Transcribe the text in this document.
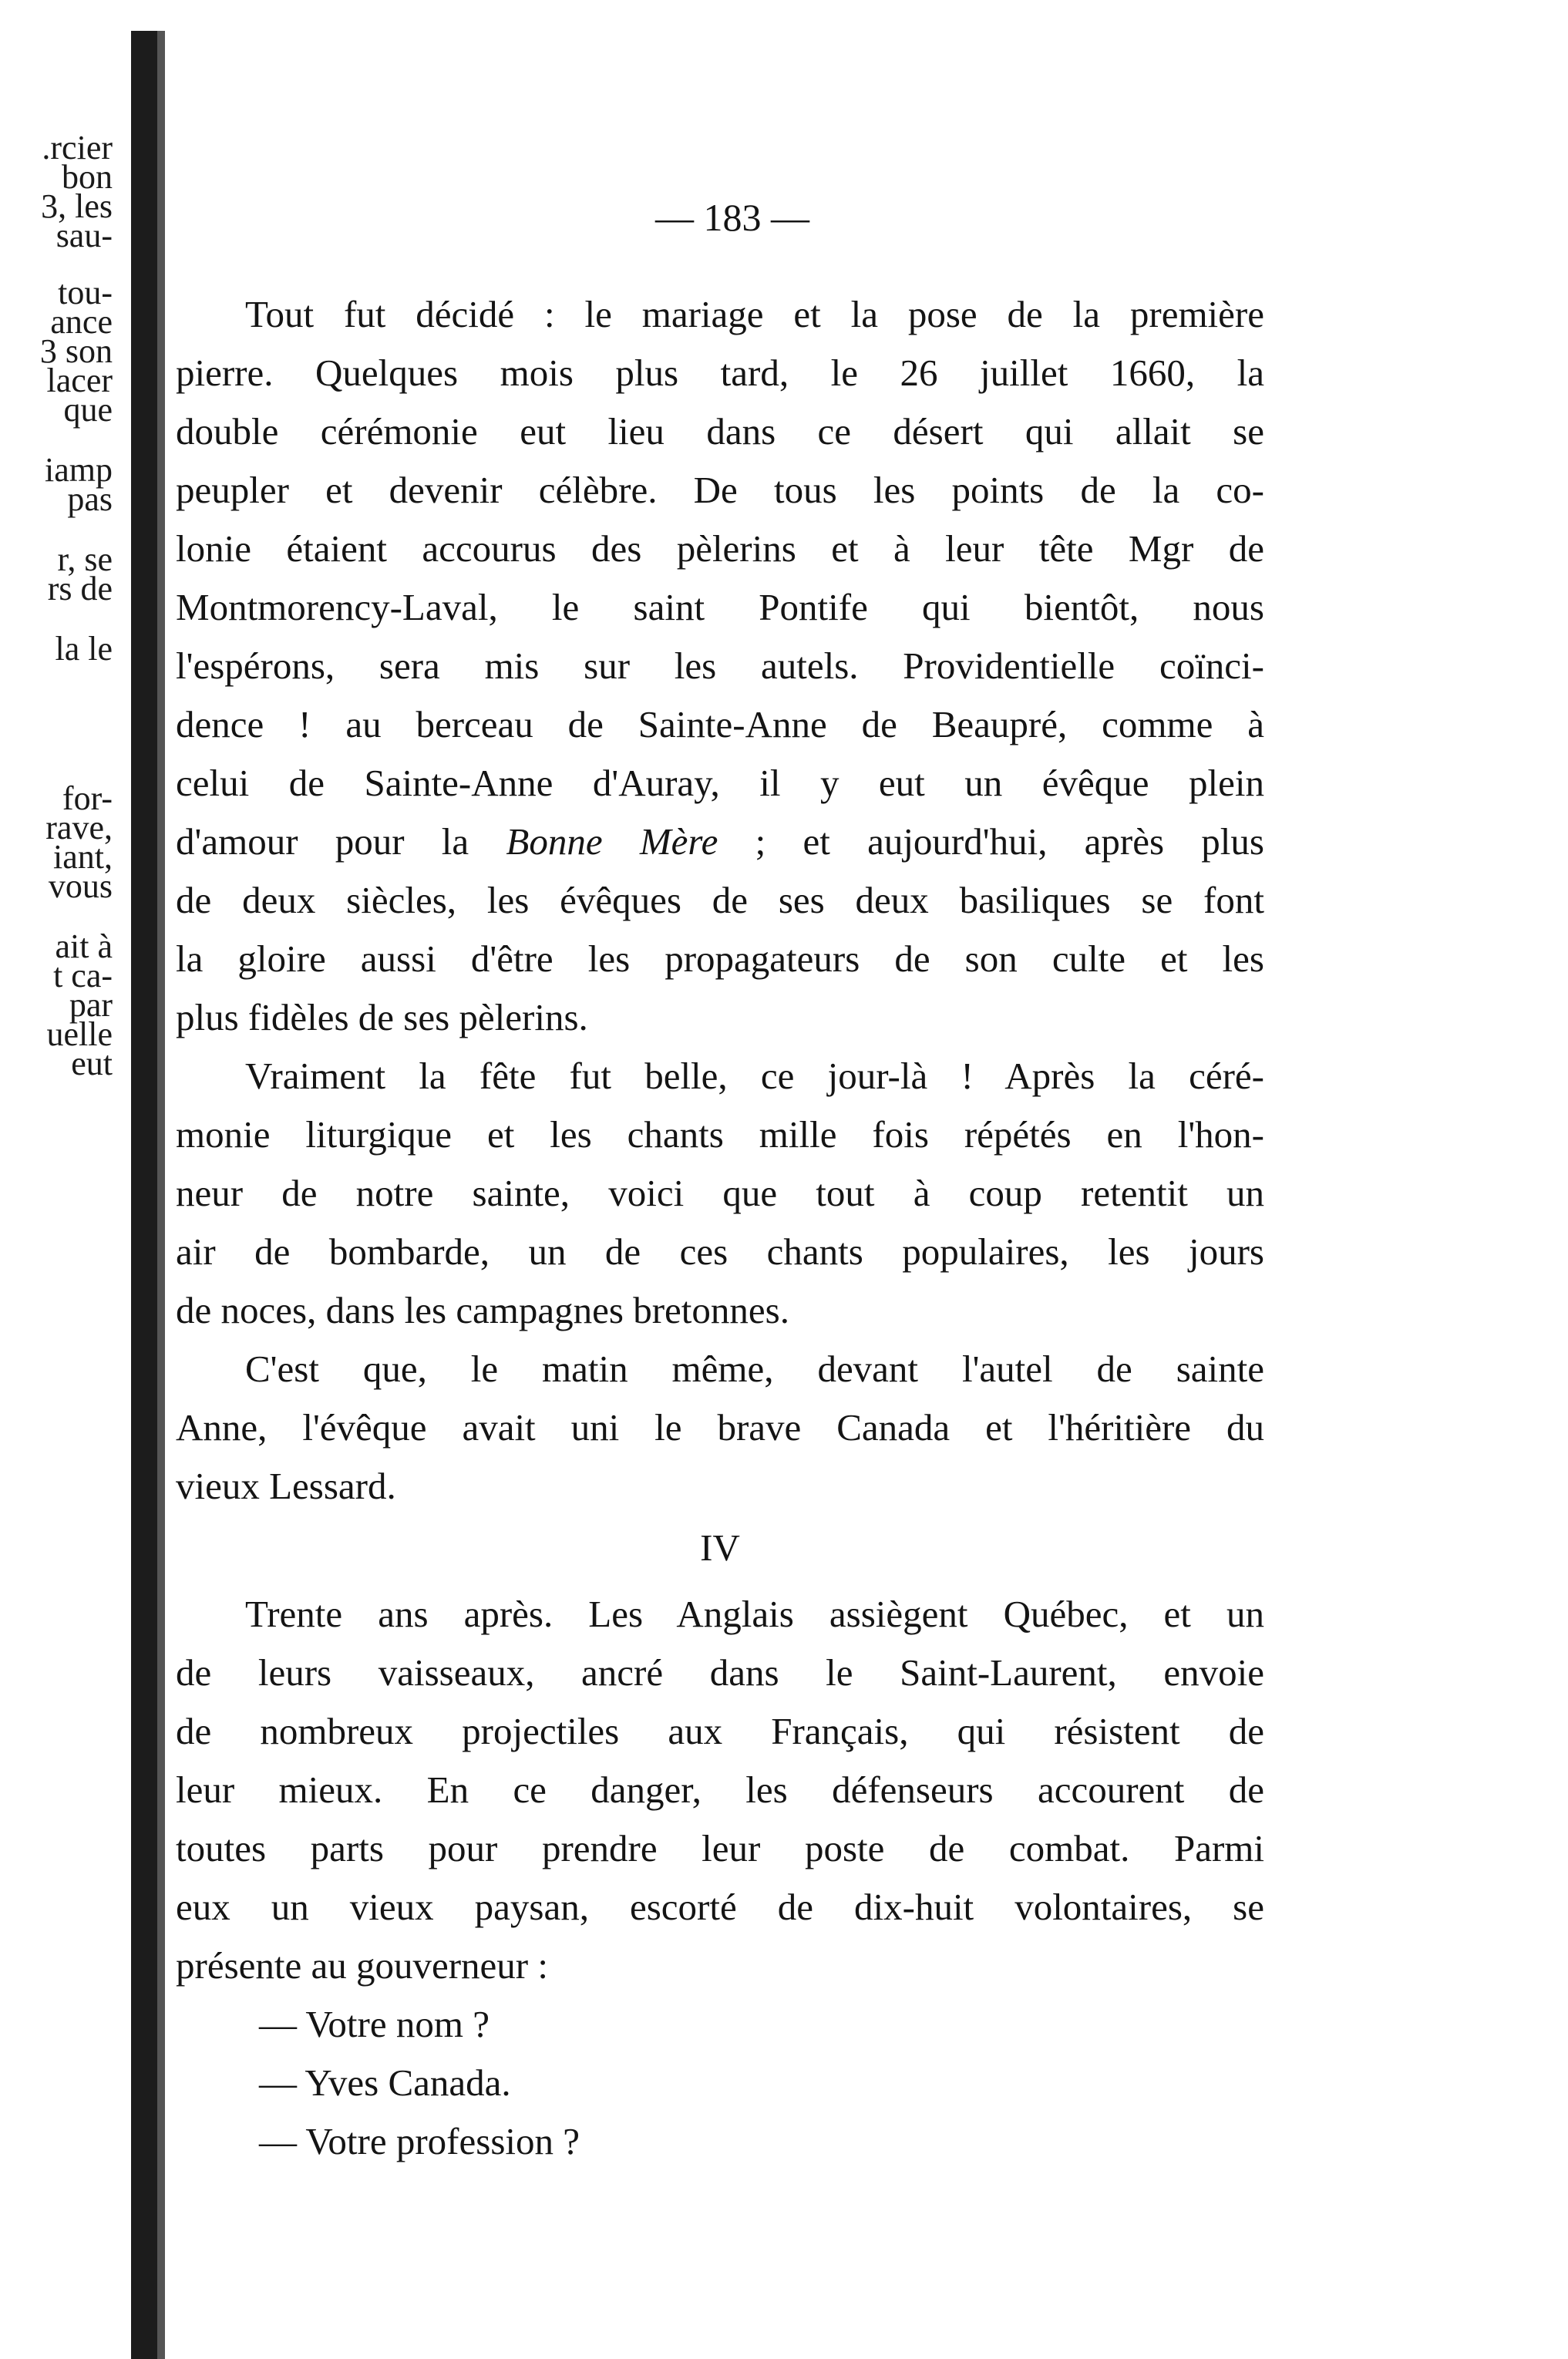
.rcier
bon
3, les
sau-
tou-
ance
3 son
lacer
que
iamp
pas
r, se
rs de
la le
for-
rave,
iant,
vous
ait à
t ca-
par
uelle
eut
— 183 —
Tout fut décidé : le mariage et la pose de la première
pierre. Quelques mois plus tard, le 26 juillet 1660, la
double cérémonie eut lieu dans ce désert qui allait se
peupler et devenir célèbre. De tous les points de la co-
lonie étaient accourus des pèlerins et à leur tête Mgr de
Montmorency-Laval, le saint Pontife qui bientôt, nous
l'espérons, sera mis sur les autels. Providentielle coïnci-
dence ! au berceau de Sainte-Anne de Beaupré, comme à
celui de Sainte-Anne d'Auray, il y eut un évêque plein
d'amour pour la Bonne Mère ; et aujourd'hui, après plus
de deux siècles, les évêques de ses deux basiliques se font
la gloire aussi d'être les propagateurs de son culte et les
plus fidèles de ses pèlerins.
Vraiment la fête fut belle, ce jour-là ! Après la céré-
monie liturgique et les chants mille fois répétés en l'hon-
neur de notre sainte, voici que tout à coup retentit un
air de bombarde, un de ces chants populaires, les jours
de noces, dans les campagnes bretonnes.
C'est que, le matin même, devant l'autel de sainte
Anne, l'évêque avait uni le brave Canada et l'héritière du
vieux Lessard.
IV
Trente ans après. Les Anglais assiègent Québec, et un
de leurs vaisseaux, ancré dans le Saint-Laurent, envoie
de nombreux projectiles aux Français, qui résistent de
leur mieux. En ce danger, les défenseurs accourent de
toutes parts pour prendre leur poste de combat. Parmi
eux un vieux paysan, escorté de dix-huit volontaires, se
présente au gouverneur :
— Votre nom ?
— Yves Canada.
— Votre profession ?
